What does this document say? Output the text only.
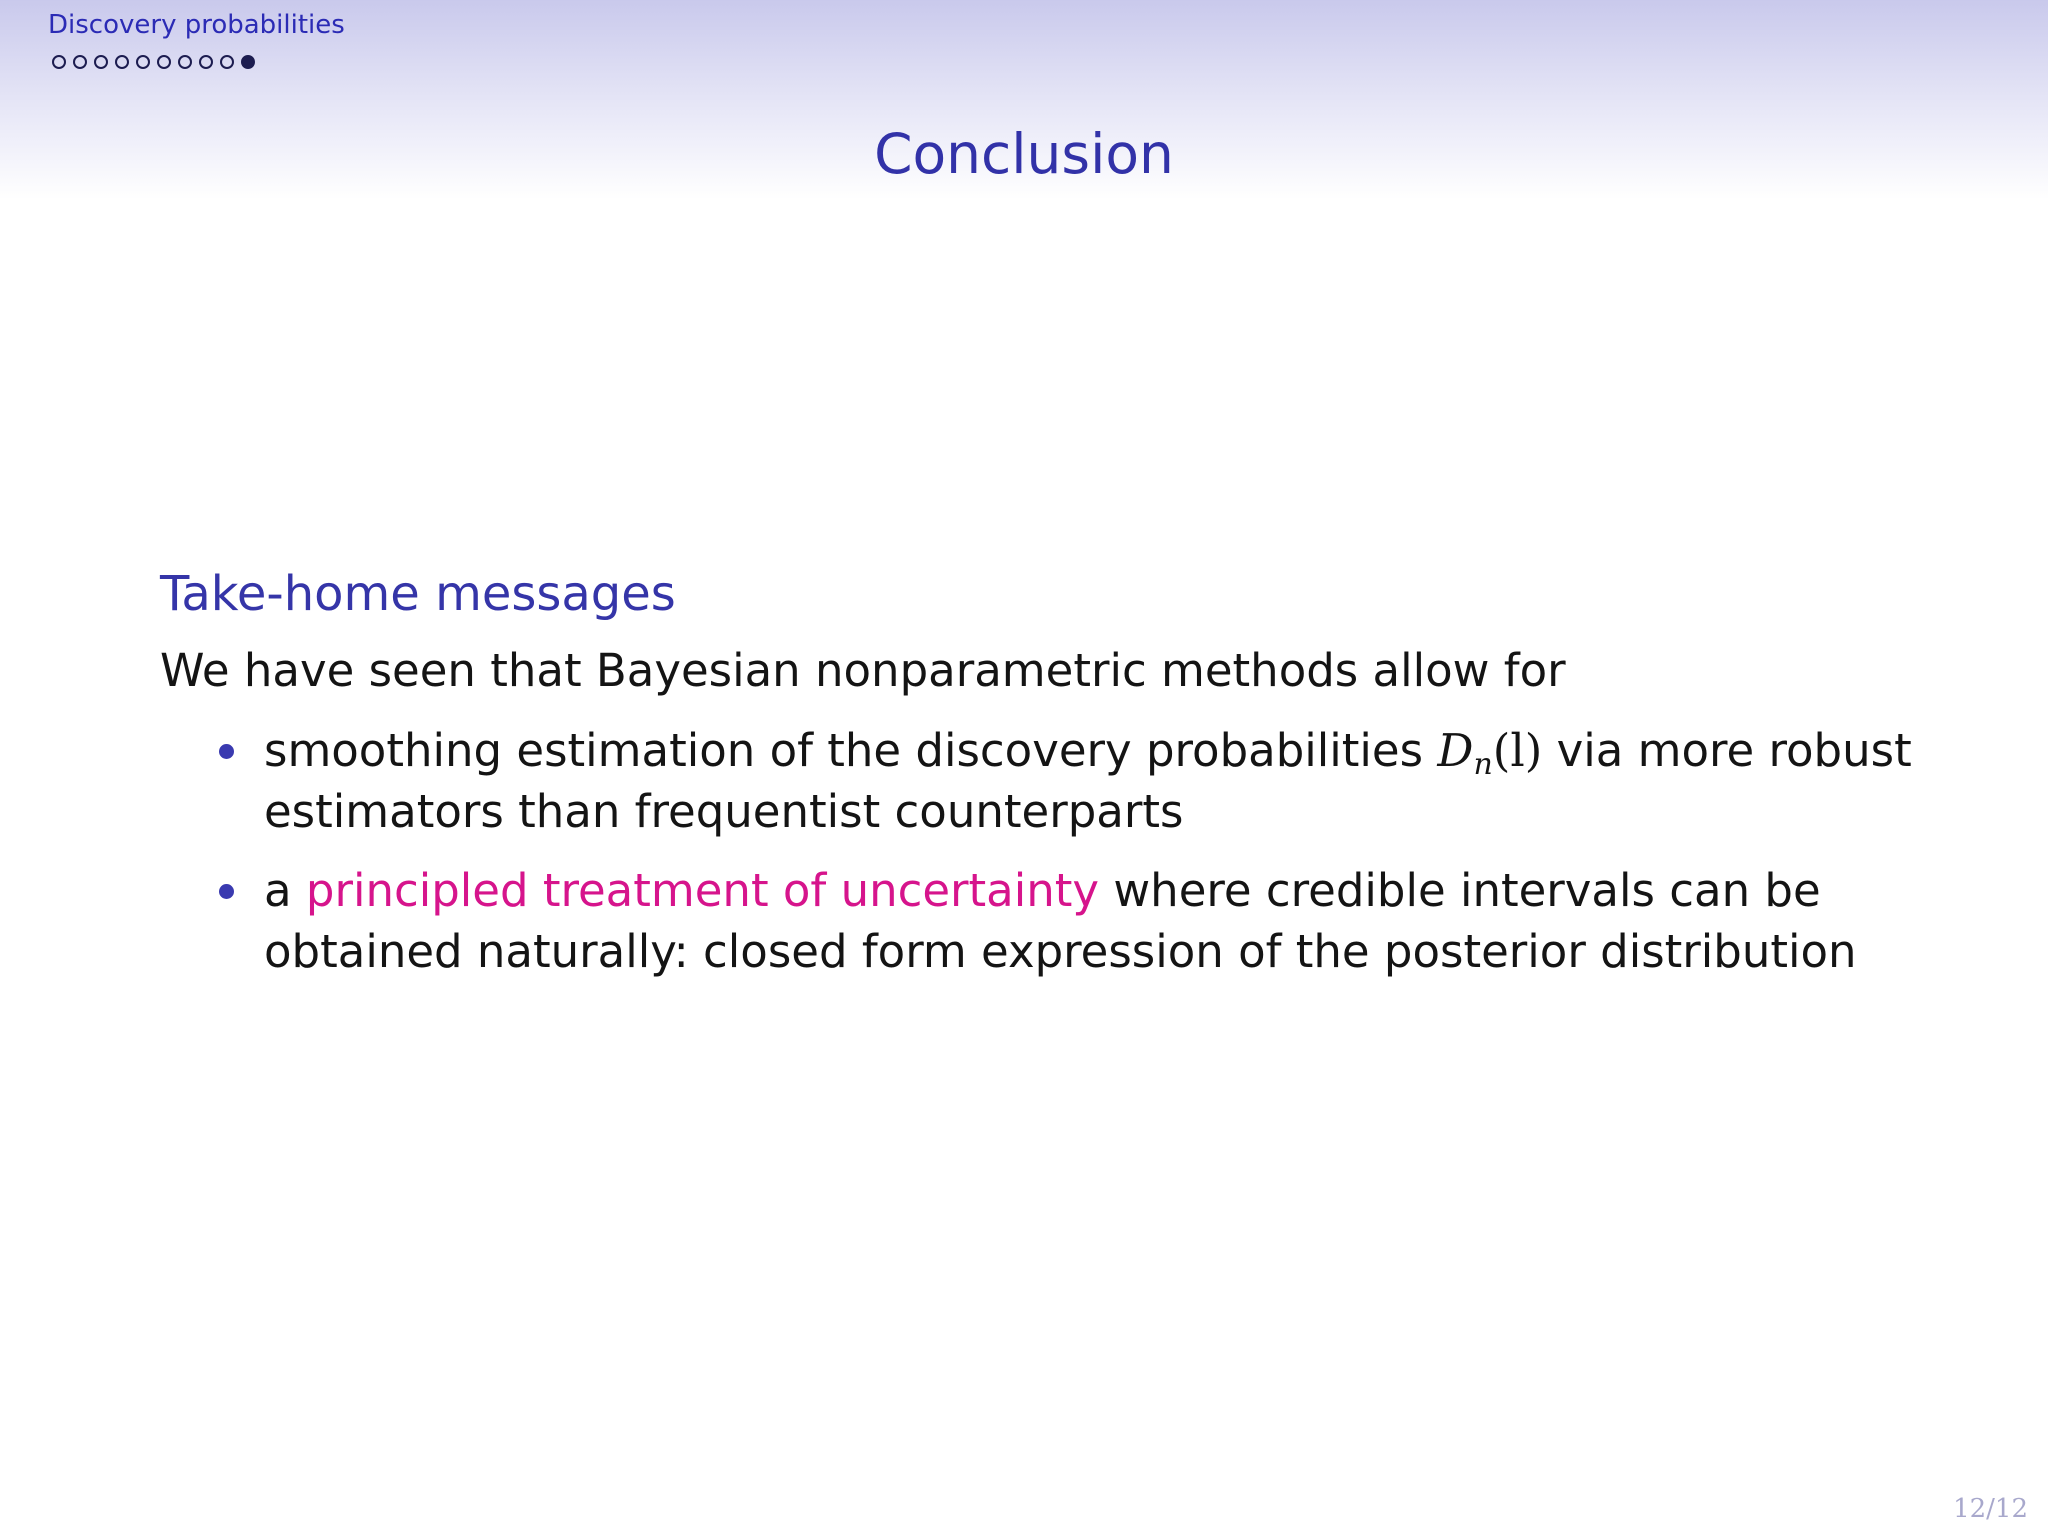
Discovery probabilities
Conclusion
Take-home messages
We have seen that Bayesian nonparametric methods allow for
smoothing estimation of the discovery probabilities $D_n(l)$ via more robust
estimators than frequentist counterparts
a principled treatment of uncertainty where credible intervals can be
obtained naturally: closed form expression of the posterior distribution
12/12
